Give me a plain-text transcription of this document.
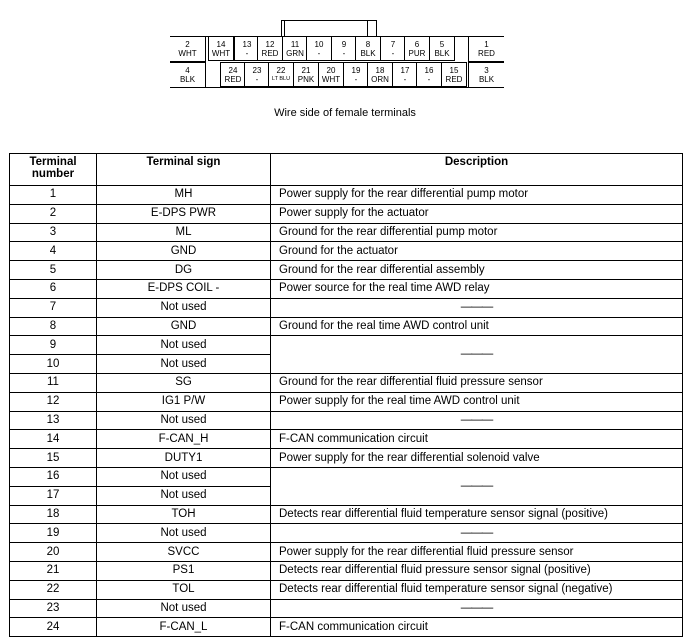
2
WHT
14
WHT
13
-
12
RED
11
GRN
10
-
9
-
8
BLK
7
-
6
PUR
5
BLK
1
RED
4
BLK
24
RED
23
-
22
LT BLU
21
PNK
20
WHT
19
-
18
ORN
17
-
16
-
15
RED
3
BLK
Wire side of female terminals
Terminal
number	Terminal sign	Description
1	MH	Power supply for the rear differential pump motor
2	E-DPS PWR	Power supply for the actuator
3	ML	Ground for the rear differential pump motor
4	GND	Ground for the actuator
5	DG	Ground for the rear differential assembly
6	E-DPS COIL -	Power source for the real time AWD relay
7	Not used	———
8	GND	Ground for the real time AWD control unit
9	Not used	———
10	Not used	
11	SG	Ground for the rear differential fluid pressure sensor
12	IG1 P/W	Power supply for the real time AWD control unit
13	Not used	———
14	F-CAN_H	F-CAN communication circuit
15	DUTY1	Power supply for the rear differential solenoid valve
16	Not used	———
17	Not used	
18	TOH	Detects rear differential fluid temperature sensor signal (positive)
19	Not used	———
20	SVCC	Power supply for the rear differential fluid pressure sensor
21	PS1	Detects rear differential fluid pressure sensor signal (positive)
22	TOL	Detects rear differential fluid temperature sensor signal (negative)
23	Not used	———
24	F-CAN_L	F-CAN communication circuit
